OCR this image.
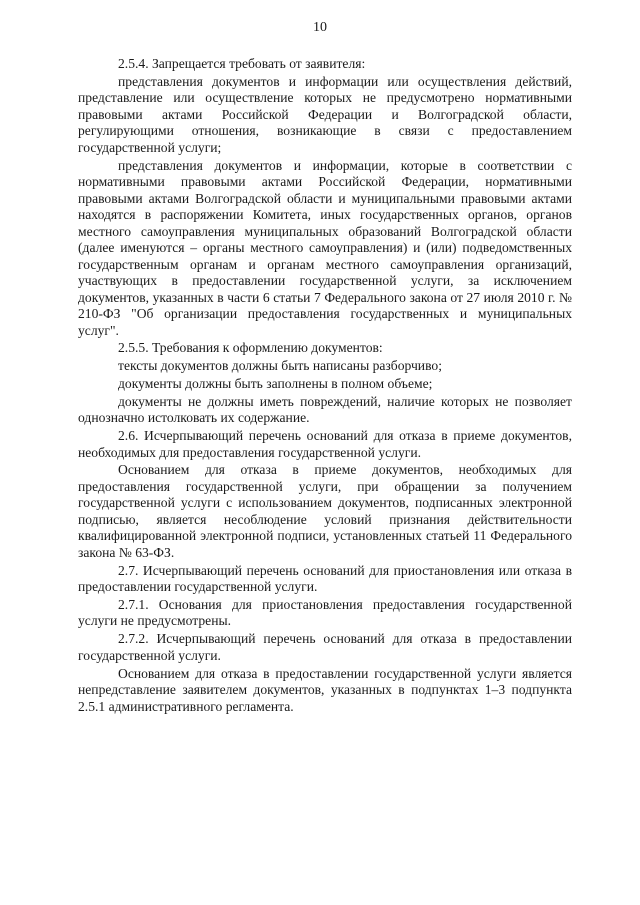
10

2.5.4. Запрещается требовать от заявителя:

представления документов и информации или осуществления действий, представление или осуществление которых не предусмотрено нормативными правовыми актами Российской Федерации и Волгоградской области, регулирующими отношения, возникающие в связи с предоставлением государственной услуги;

представления документов и информации, которые в соответствии с нормативными правовыми актами Российской Федерации, нормативными правовыми актами Волгоградской области и муниципальными правовыми актами находятся в распоряжении Комитета, иных государственных органов, органов местного самоуправления муниципальных образований Волгоградской области (далее именуются – органы местного самоуправления) и (или) подведомственных государственным органам и органам местного самоуправления организаций, участвующих в предоставлении государственной услуги, за исключением документов, указанных в части 6 статьи 7 Федерального закона от 27 июля 2010 г. № 210-ФЗ "Об организации предоставления государственных и муниципальных услуг".

2.5.5. Требования к оформлению документов:

тексты документов должны быть написаны разборчиво;

документы должны быть заполнены в полном объеме;

документы не должны иметь повреждений, наличие которых не позволяет однозначно истолковать их содержание.

2.6. Исчерпывающий перечень оснований для отказа в приеме документов, необходимых для предоставления государственной услуги.

Основанием для отказа в приеме документов, необходимых для предоставления государственной услуги, при обращении за получением государственной услуги с использованием документов, подписанных электронной подписью, является несоблюдение условий признания действительности квалифицированной электронной подписи, установленных статьей 11 Федерального закона № 63-ФЗ.

2.7. Исчерпывающий перечень оснований для приостановления или отказа в предоставлении государственной услуги.

2.7.1. Основания для приостановления предоставления государственной услуги не предусмотрены.

2.7.2. Исчерпывающий перечень оснований для отказа в предоставлении государственной услуги.

Основанием для отказа в предоставлении государственной услуги является непредставление заявителем документов, указанных в подпунктах 1–3 подпункта 2.5.1 административного регламента.
